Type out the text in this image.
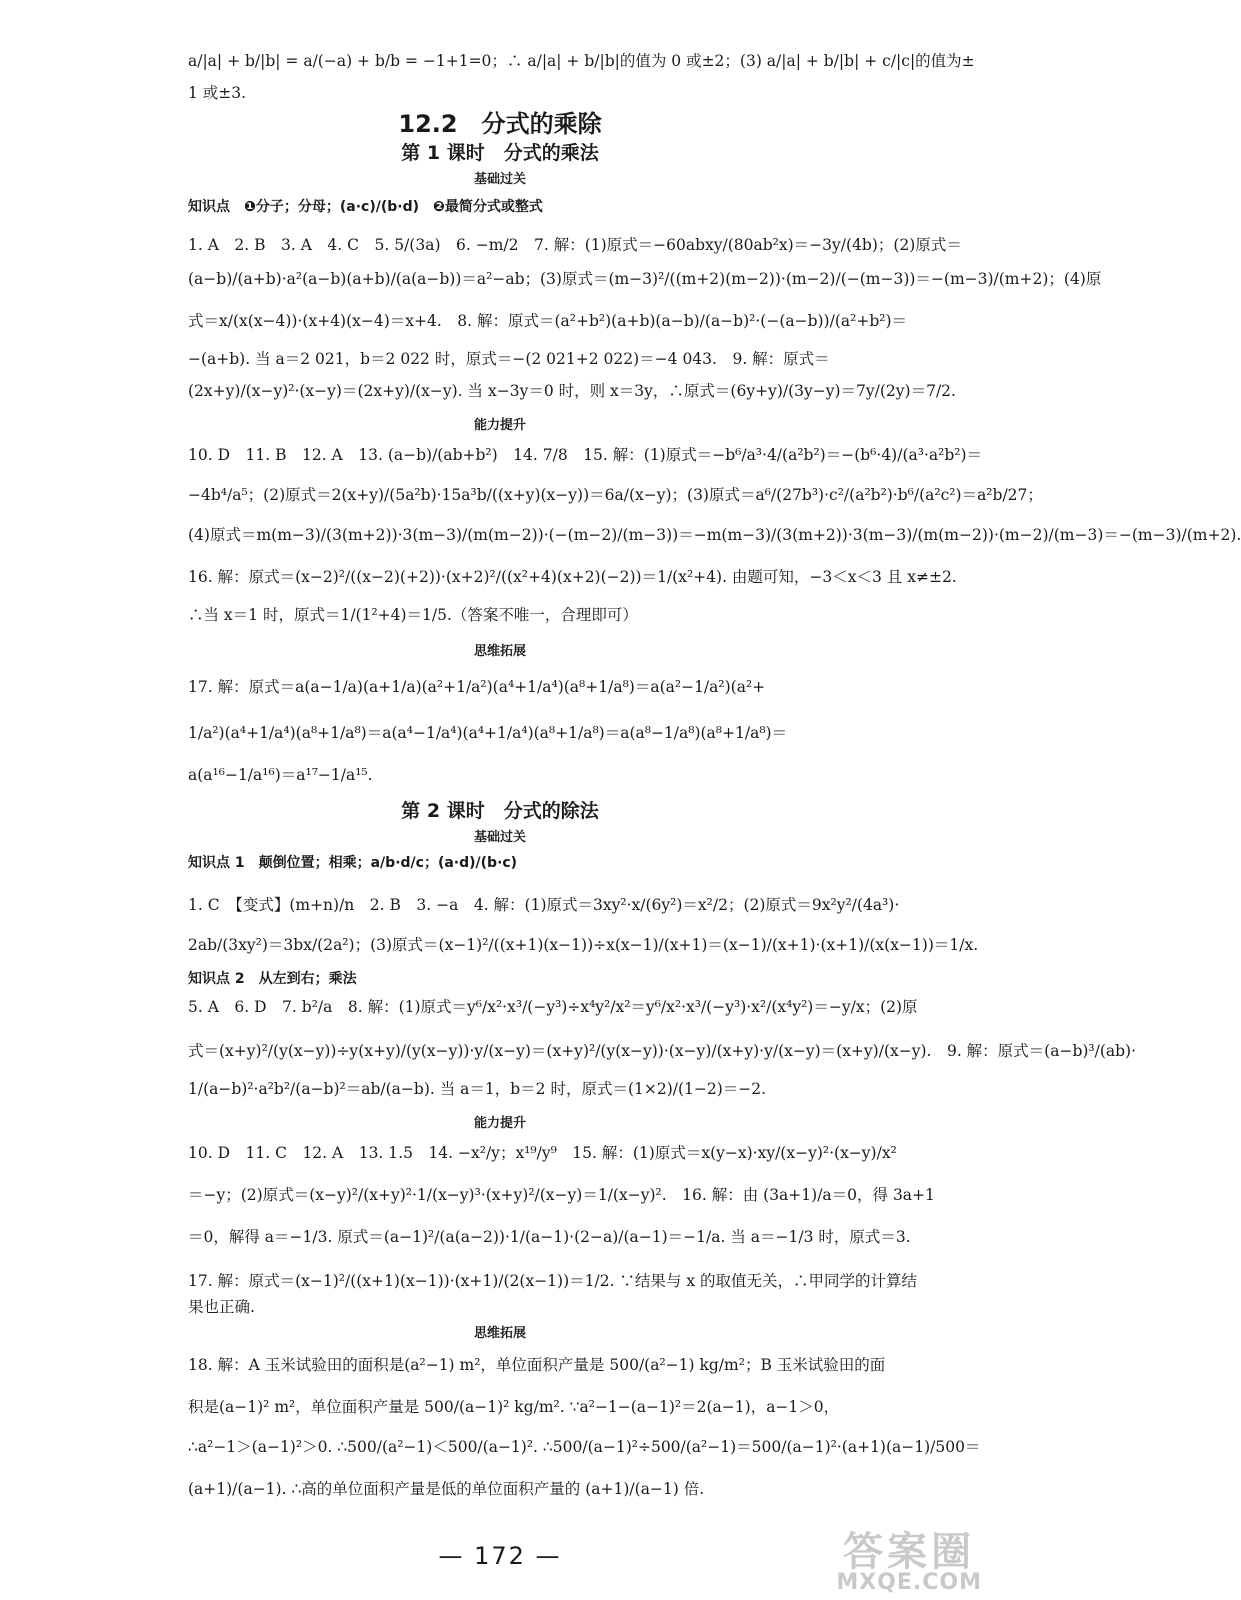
a/|a| + b/|b| = a/(−a) + b/b = −1+1=0；∴ a/|a| + b/|b|的值为 0 或±2；(3) a/|a| + b/|b| + c/|c|的值为±
1 或±3.
12.2　分式的乘除
第 1 课时　分式的乘法
基础过关
知识点　❶分子；分母；(a·c)/(b·d)　❷最简分式或整式
1. A　2. B　3. A　4. C　5. 5/(3a)　6. −m/2　7. 解：(1)原式＝−60abxy/(80ab²x)＝−3y/(4b)；(2)原式＝
(a−b)/(a+b)·a²(a−b)(a+b)/(a(a−b))＝a²−ab；(3)原式＝(m−3)²/((m+2)(m−2))·(m−2)/(−(m−3))＝−(m−3)/(m+2)；(4)原
式＝x/(x(x−4))·(x+4)(x−4)＝x+4.　8. 解：原式＝(a²+b²)(a+b)(a−b)/(a−b)²·(−(a−b))/(a²+b²)＝
−(a+b). 当 a＝2 021，b＝2 022 时，原式＝−(2 021+2 022)＝−4 043.　9. 解：原式＝
(2x+y)/(x−y)²·(x−y)＝(2x+y)/(x−y). 当 x−3y＝0 时，则 x＝3y，∴原式＝(6y+y)/(3y−y)＝7y/(2y)＝7/2.
能力提升
10. D　11. B　12. A　13. (a−b)/(ab+b²)　14. 7/8　15. 解：(1)原式＝−b⁶/a³·4/(a²b²)＝−(b⁶·4)/(a³·a²b²)＝
−4b⁴/a⁵；(2)原式＝2(x+y)/(5a²b)·15a³b/((x+y)(x−y))＝6a/(x−y)；(3)原式＝a⁶/(27b³)·c²/(a²b²)·b⁶/(a²c²)＝a²b/27；
(4)原式＝m(m−3)/(3(m+2))·3(m−3)/(m(m−2))·(−(m−2)/(m−3))＝−m(m−3)/(3(m+2))·3(m−3)/(m(m−2))·(m−2)/(m−3)＝−(m−3)/(m+2).
16. 解：原式＝(x−2)²/((x−2)(+2))·(x+2)²/((x²+4)(x+2)(−2))＝1/(x²+4). 由题可知，−3＜x＜3 且 x≠±2.
∴当 x＝1 时，原式＝1/(1²+4)＝1/5.（答案不唯一，合理即可）
思维拓展
17. 解：原式＝a(a−1/a)(a+1/a)(a²+1/a²)(a⁴+1/a⁴)(a⁸+1/a⁸)＝a(a²−1/a²)(a²+
1/a²)(a⁴+1/a⁴)(a⁸+1/a⁸)＝a(a⁴−1/a⁴)(a⁴+1/a⁴)(a⁸+1/a⁸)＝a(a⁸−1/a⁸)(a⁸+1/a⁸)＝
a(a¹⁶−1/a¹⁶)＝a¹⁷−1/a¹⁵.
第 2 课时　分式的除法
基础过关
知识点 1　颠倒位置；相乘；a/b·d/c；(a·d)/(b·c)
1. C　【变式】(m+n)/n　2. B　3. −a　4. 解：(1)原式＝3xy²·x/(6y²)＝x²/2；(2)原式＝9x²y²/(4a³)·
2ab/(3xy²)＝3bx/(2a²)；(3)原式＝(x−1)²/((x+1)(x−1))÷x(x−1)/(x+1)＝(x−1)/(x+1)·(x+1)/(x(x−1))＝1/x.
知识点 2　从左到右；乘法
5. A　6. D　7. b²/a　8. 解：(1)原式＝y⁶/x²·x³/(−y³)÷x⁴y²/x²＝y⁶/x²·x³/(−y³)·x²/(x⁴y²)＝−y/x；(2)原
式＝(x+y)²/(y(x−y))÷y(x+y)/(y(x−y))·y/(x−y)＝(x+y)²/(y(x−y))·(x−y)/(x+y)·y/(x−y)＝(x+y)/(x−y).　9. 解：原式＝(a−b)³/(ab)·
1/(a−b)²·a²b²/(a−b)²＝ab/(a−b). 当 a＝1，b＝2 时，原式＝(1×2)/(1−2)＝−2.
能力提升
10. D　11. C　12. A　13. 1.5　14. −x²/y；x¹⁹/y⁹　15. 解：(1)原式＝x(y−x)·xy/(x−y)²·(x−y)/x²
＝−y；(2)原式＝(x−y)²/(x+y)²·1/(x−y)³·(x+y)²/(x−y)＝1/(x−y)².　16. 解：由 (3a+1)/a＝0，得 3a+1
＝0，解得 a＝−1/3. 原式＝(a−1)²/(a(a−2))·1/(a−1)·(2−a)/(a−1)＝−1/a. 当 a＝−1/3 时，原式＝3.
17. 解：原式＝(x−1)²/((x+1)(x−1))·(x+1)/(2(x−1))＝1/2. ∵结果与 x 的取值无关，∴甲同学的计算结
果也正确.
思维拓展
18. 解：A 玉米试验田的面积是(a²−1) m²，单位面积产量是 500/(a²−1) kg/m²；B 玉米试验田的面
积是(a−1)² m²，单位面积产量是 500/(a−1)² kg/m². ∵a²−1−(a−1)²＝2(a−1)，a−1＞0，
∴a²−1＞(a−1)²＞0. ∴500/(a²−1)＜500/(a−1)². ∴500/(a−1)²÷500/(a²−1)＝500/(a−1)²·(a+1)(a−1)/500＝
(a+1)/(a−1). ∴高的单位面积产量是低的单位面积产量的 (a+1)/(a−1) 倍.
— 172 —	答案圈
MXQE.COM
